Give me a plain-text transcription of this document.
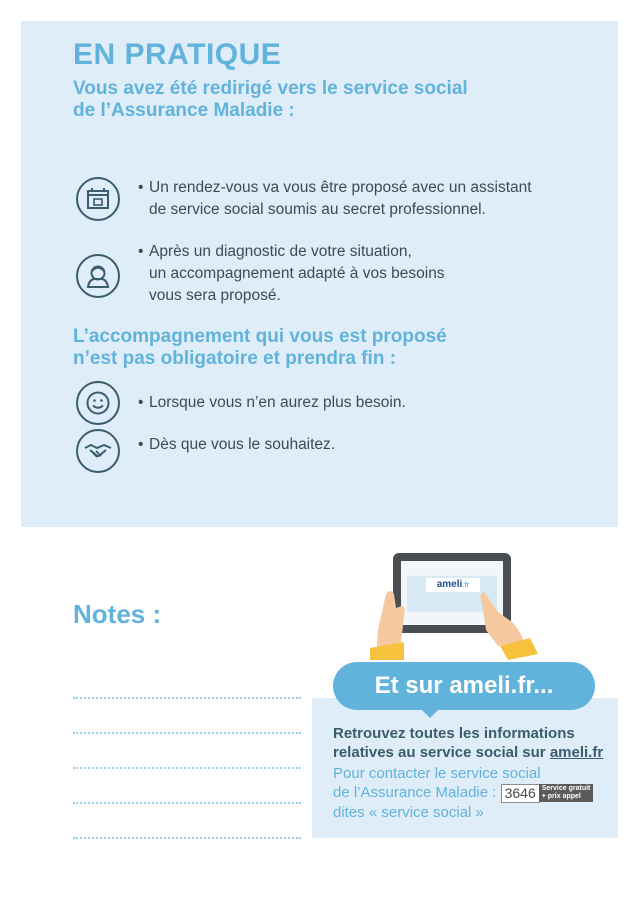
EN PRATIQUE
Vous avez été redirigé vers le service social
de l’Assurance Maladie :
• Un rendez-vous va vous être proposé avec un assistant
de service social soumis au secret professionnel.
• Après un diagnostic de votre situation,
un accompagnement adapté à vos besoins
vous sera proposé.
L’accompagnement qui vous est proposé
n’est pas obligatoire et prendra fin :
• Lorsque vous n’en aurez plus besoin.
• Dès que vous le souhaitez.
Notes :
ameli.fr
Et sur ameli.fr...
Retrouvez toutes les informations
relatives au service social sur ameli.fr
Pour contacter le service social
de l’Assurance Maladie : 3646 Service gratuit
+ prix appel
dites « service social »
